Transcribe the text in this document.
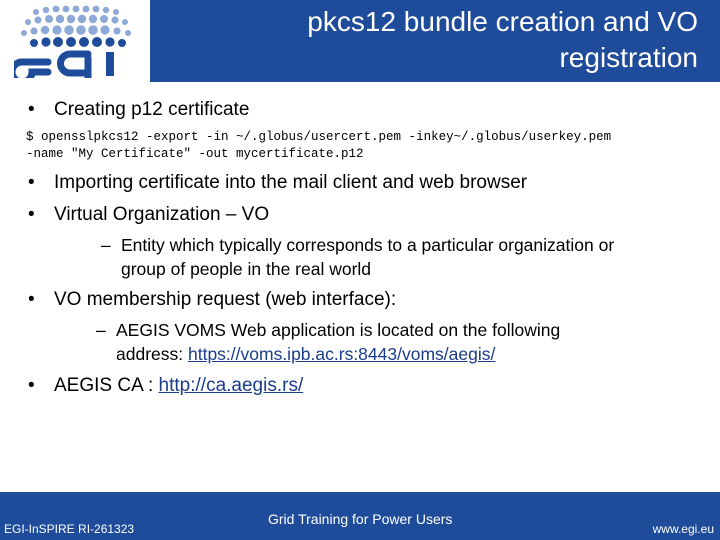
pkcs12 bundle creation and VO
registration
• Creating p12 certificate
$ opensslpkcs12 -export -in ~/.globus/usercert.pem -inkey~/.globus/userkey.pem
-name "My Certificate" -out mycertificate.p12
• Importing certificate into the mail client and web browser
• Virtual Organization – VO
– Entity which typically corresponds to a particular organization or
group of people in the real world
• VO membership request (web interface):
– AEGIS VOMS Web application is located on the following
address: https://voms.ipb.ac.rs:8443/voms/aegis/
• AEGIS CA : http://ca.aegis.rs/
EGI-InSPIRE RI-261323
Grid Training for Power Users
www.egi.eu
